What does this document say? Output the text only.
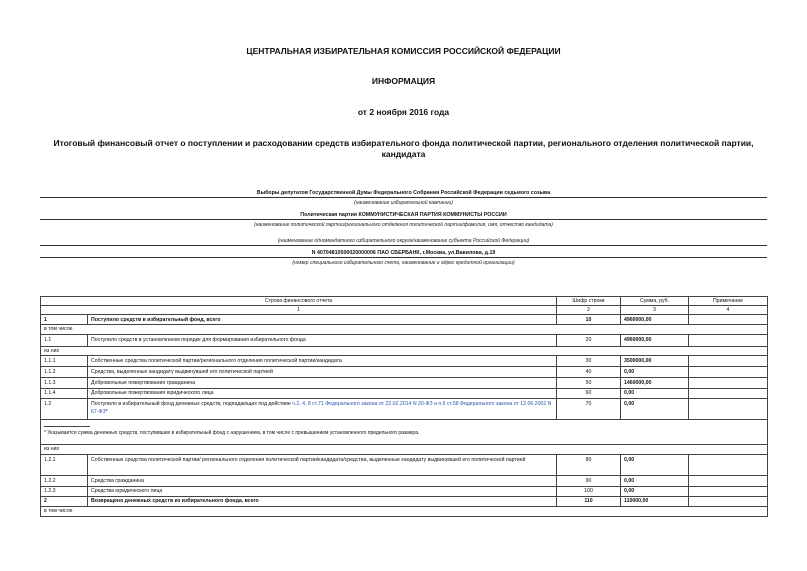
ЦЕНТРАЛЬНАЯ ИЗБИРАТЕЛЬНАЯ КОМИССИЯ РОССИЙСКОЙ ФЕДЕРАЦИИ
ИНФОРМАЦИЯ
от 2 ноября 2016 года
Итоговый финансовый отчет о поступлении и расходовании средств избирательного фонда политической партии, регионального отделения политической партии, кандидата
Выборы депутатов Государственной Думы Федерального Собрания Российской Федерации седьмого созыва
(наименование избирательной кампании)
Политическая партия КОММУНИСТИЧЕСКАЯ ПАРТИЯ КОММУНИСТЫ РОССИИ
(наименование политической партии/регионального отделения политической партии/фамилия, имя, отчество кандидата)
(наименование одномандатного избирательного округа/наименование субъекта Российской Федерации)
N 40704810500020000006 ПАО СБЕРБАНК, г.Москва, ул.Вавилова, д.19
(номер специального избирательного счета, наименование и адрес кредитной организации)
Строка финансового отчета		Шифр строки	Сумма, руб.	Примечание
1		2	3	4
1	Поступило средств в избирательный фонд, всего	10	4960000,00	
в том числе				
1.1	Поступило средств в установленном порядке для формирования избирательного фонда	20	4960000,00	
из них				
1.1.1	Собственные средства политической партии/регионального отделения политической партии/кандидата	30	3500000,00	
1.1.2	Средства, выделенные кандидату выдвинувшей его политической партией	40	0,00	
1.1.3	Добровольные пожертвования гражданина	50	1460000,00	
1.1.4	Добровольные пожертвования юридического лица	60	0,00	
1.2	Поступило в избирательный фонд денежных средств, подпадающих под действие ч.2, 4, 8 ст.71 Федерального закона от 22.02.2014 N 20-ФЗ и п.6 ст.58 Федерального закона от 12.06.2002 N 67-ФЗ*	70	0,00	

* Указывается сумма денежных средств, поступивших в избирательный фонд с нарушением, в том числе с превышением установленного предельного размера.				
из них				
1.2.1	Собственные средства политической партии/ регионального отделения политической партии/кандидата/средства, выделенные кандидату выдвинувшей его политической партией	80	0,00	
1.2.2	Средства гражданина	90	0,00	
1.2.3	Средства юридического лица	100	0,00	
2	Возвращено денежных средств из избирательного фонда, всего	110	110000,00	
в том числе				
